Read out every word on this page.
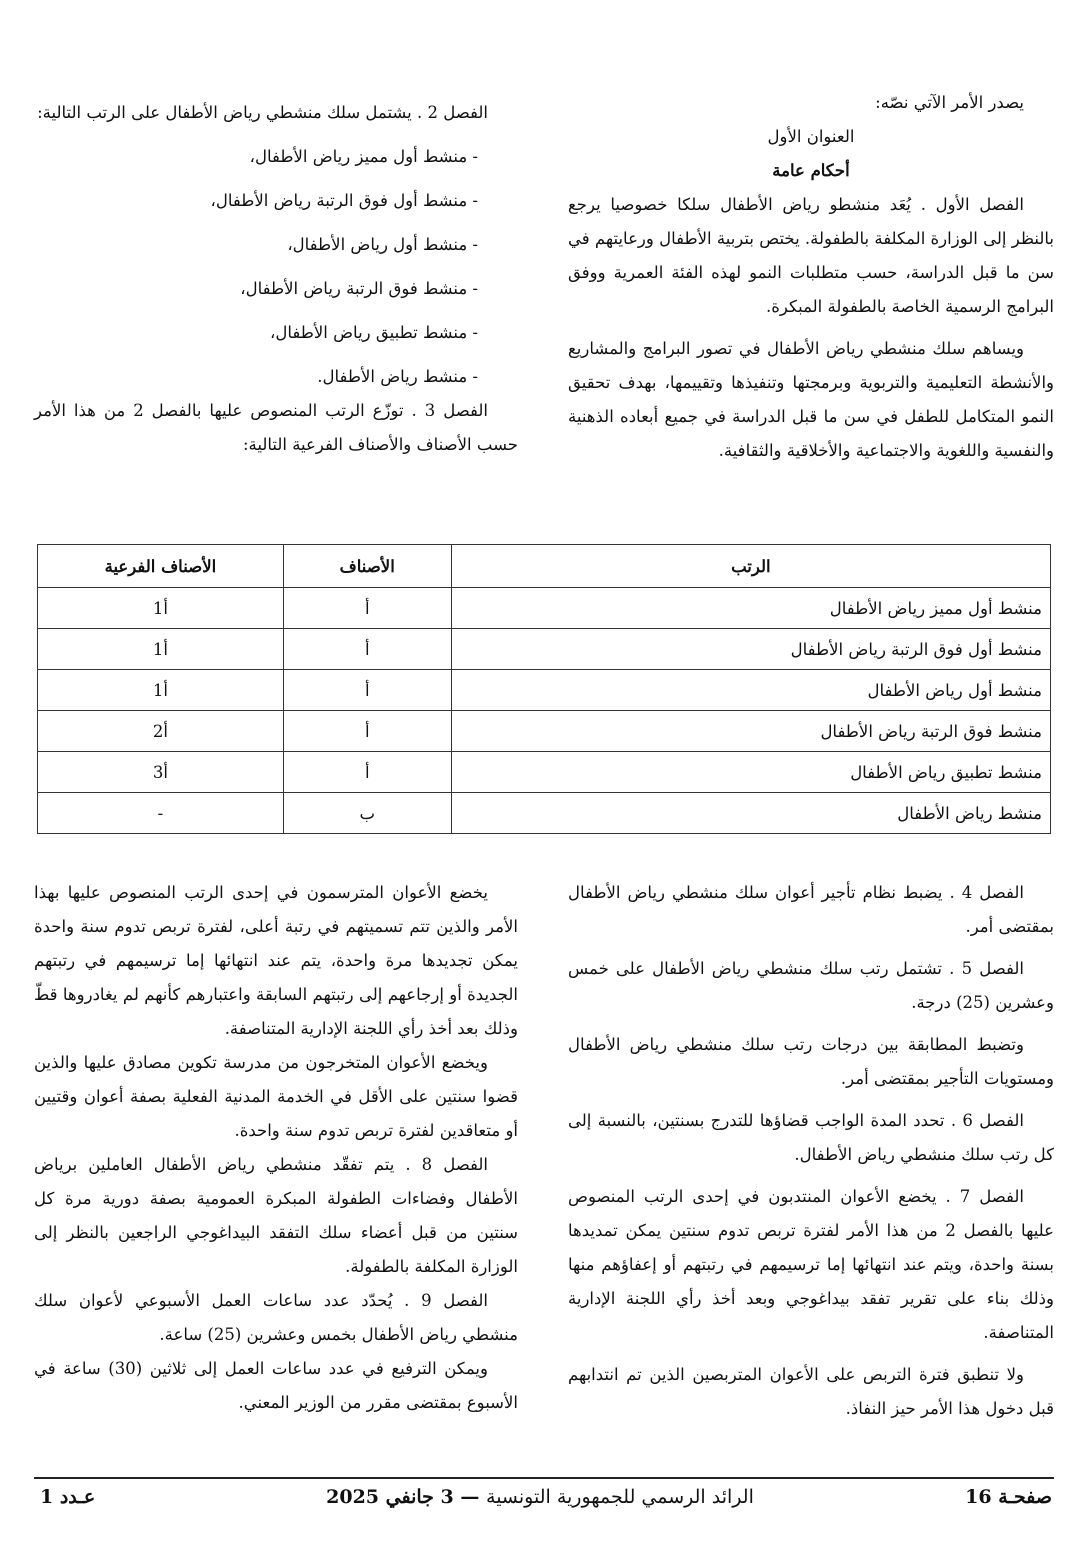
يصدر الأمر الآتي نصّه:

العنوان الأول

أحكام عامة

الفصل الأول . يُعَد منشطو رياض الأطفال سلكا خصوصيا يرجع بالنظر إلى الوزارة المكلفة بالطفولة. يختص بتربية الأطفال ورعايتهم في سن ما قبل الدراسة، حسب متطلبات النمو لهذه الفئة العمرية ووفق البرامج الرسمية الخاصة بالطفولة المبكرة.

ويساهم سلك منشطي رياض الأطفال في تصور البرامج والمشاريع والأنشطة التعليمية والتربوية وبرمجتها وتنفيذها وتقييمها، بهدف تحقيق النمو المتكامل للطفل في سن ما قبل الدراسة في جميع أبعاده الذهنية والنفسية واللغوية والاجتماعية والأخلاقية والثقافية.

الفصل 2 . يشتمل سلك منشطي رياض الأطفال على الرتب التالية:

- منشط أول مميز رياض الأطفال،

- منشط أول فوق الرتبة رياض الأطفال،

- منشط أول رياض الأطفال،

- منشط فوق الرتبة رياض الأطفال،

- منشط تطبيق رياض الأطفال،

- منشط رياض الأطفال.

الفصل 3 . توزّع الرتب المنصوص عليها بالفصل 2 من هذا الأمر حسب الأصناف والأصناف الفرعية التالية:

الرتب	الأصناف	الأصناف الفرعية
منشط أول مميز رياض الأطفال	أ	أ1
منشط أول فوق الرتبة رياض الأطفال	أ	أ1
منشط أول رياض الأطفال	أ	أ1
منشط فوق الرتبة رياض الأطفال	أ	أ2
منشط تطبيق رياض الأطفال	أ	أ3
منشط رياض الأطفال	ب	-

الفصل 4 . يضبط نظام تأجير أعوان سلك منشطي رياض الأطفال بمقتضى أمر.

الفصل 5 . تشتمل رتب سلك منشطي رياض الأطفال على خمس وعشرين (25) درجة.

وتضبط المطابقة بين درجات رتب سلك منشطي رياض الأطفال ومستويات التأجير بمقتضى أمر.

الفصل 6 . تحدد المدة الواجب قضاؤها للتدرج بسنتين، بالنسبة إلى كل رتب سلك منشطي رياض الأطفال.

الفصل 7 . يخضع الأعوان المنتدبون في إحدى الرتب المنصوص عليها بالفصل 2 من هذا الأمر لفترة تربص تدوم سنتين يمكن تمديدها بسنة واحدة، ويتم عند انتهائها إما ترسيمهم في رتبتهم أو إعفاؤهم منها وذلك بناء على تقرير تفقد بيداغوجي وبعد أخذ رأي اللجنة الإدارية المتناصفة.

ولا تنطبق فترة التربص على الأعوان المتربصين الذين تم انتدابهم قبل دخول هذا الأمر حيز النفاذ.

يخضع الأعوان المترسمون في إحدى الرتب المنصوص عليها بهذا الأمر والذين تتم تسميتهم في رتبة أعلى، لفترة تربص تدوم سنة واحدة يمكن تجديدها مرة واحدة، يتم عند انتهائها إما ترسيمهم في رتبتهم الجديدة أو إرجاعهم إلى رتبتهم السابقة واعتبارهم كأنهم لم يغادروها قطّ وذلك بعد أخذ رأي اللجنة الإدارية المتناصفة.

ويخضع الأعوان المتخرجون من مدرسة تكوين مصادق عليها والذين قضوا سنتين على الأقل في الخدمة المدنية الفعلية بصفة أعوان وقتيين أو متعاقدين لفترة تربص تدوم سنة واحدة.

الفصل 8 . يتم تفقّد منشطي رياض الأطفال العاملين برياض الأطفال وفضاءات الطفولة المبكرة العمومية بصفة دورية مرة كل سنتين من قبل أعضاء سلك التفقد البيداغوجي الراجعين بالنظر إلى الوزارة المكلفة بالطفولة.

الفصل 9 . يُحدّد عدد ساعات العمل الأسبوعي لأعوان سلك منشطي رياض الأطفال بخمس وعشرين (25) ساعة.

ويمكن الترفيع في عدد ساعات العمل إلى ثلاثين (30) ساعة في الأسبوع بمقتضى مقرر من الوزير المعني.

الرائد الرسمي للجمهورية التونسية — 3 جانفي 2025	صفحـة 16
عـدد 1
